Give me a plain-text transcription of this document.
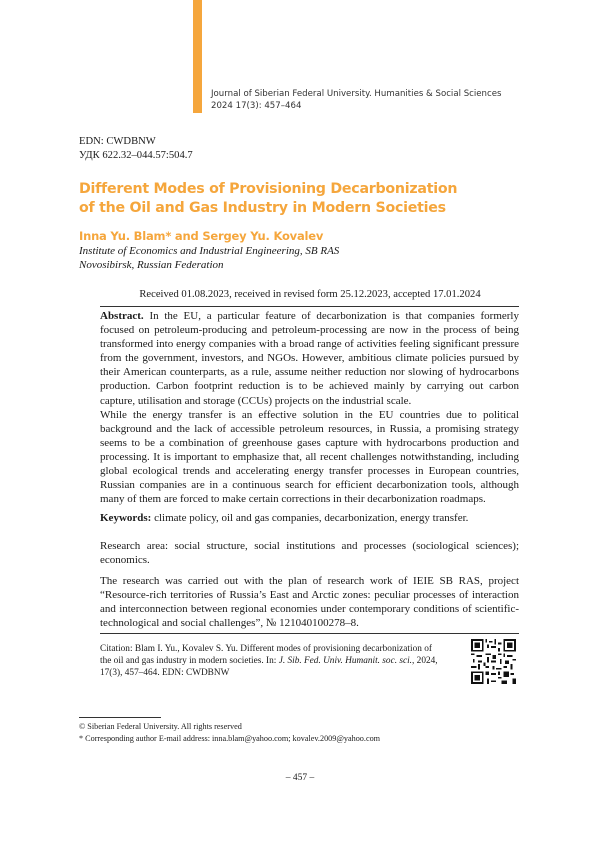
Journal of Siberian Federal University. Humanities & Social Sciences
2024 17(3): 457–464
EDN: CWDBNW
УДК 622.32–044.57:504.7
Different Modes of Provisioning Decarbonization
of the Oil and Gas Industry in Modern Societies
Inna Yu. Blam* and Sergey Yu. Kovalev
Institute of Economics and Industrial Engineering, SB RAS
Novosibirsk, Russian Federation
Received 01.08.2023, received in revised form 25.12.2023, accepted 17.01.2024

Abstract. In the EU, a particular feature of decarbonization is that companies formerly focused on petroleum-producing and petroleum-processing are now in the process of being transformed into energy companies with a broad range of activities feeling significant pressure from the government, investors, and NGOs. However, ambitious climate policies pursued by their American counterparts, as a rule, assume neither reduction nor slowing of hydrocarbons production. Carbon footprint reduction is to be achieved mainly by carrying out carbon capture, utilisation and storage (CCUs) projects on the industrial scale.

While the energy transfer is an effective solution in the EU countries due to political background and the lack of accessible petroleum resources, in Russia, a promising strategy seems to be a combination of greenhouse gases capture with hydrocarbons production and processing. It is important to emphasize that, all recent challenges notwithstanding, including global ecological trends and accelerating energy transfer processes in European countries, Russian companies are in a continuous search for efficient decarbonization tools, although many of them are forced to make certain corrections in their decarbonization roadmaps.

Keywords: climate policy, oil and gas companies, decarbonization, energy transfer.

Research area: social structure, social institutions and processes (sociological sciences); economics.

The research was carried out with the plan of research work of IEIE SB RAS, project “Resource-rich territories of Russia’s East and Arctic zones: peculiar processes of interaction and interconnection between regional economies under contemporary conditions of scientific-technological and social challenges”, № 121040100278–8.

Citation: Blam I. Yu., Kovalev S. Yu. Different modes of provisioning decarbonization of the oil and gas industry in modern societies. In: J. Sib. Fed. Univ. Humanit. soc. sci., 2024, 17(3), 457–464. EDN: CWDBNW

© Siberian Federal University. All rights reserved

* Corresponding author E-mail address: inna.blam@yahoo.com; kovalev.2009@yahoo.com

– 457 –
